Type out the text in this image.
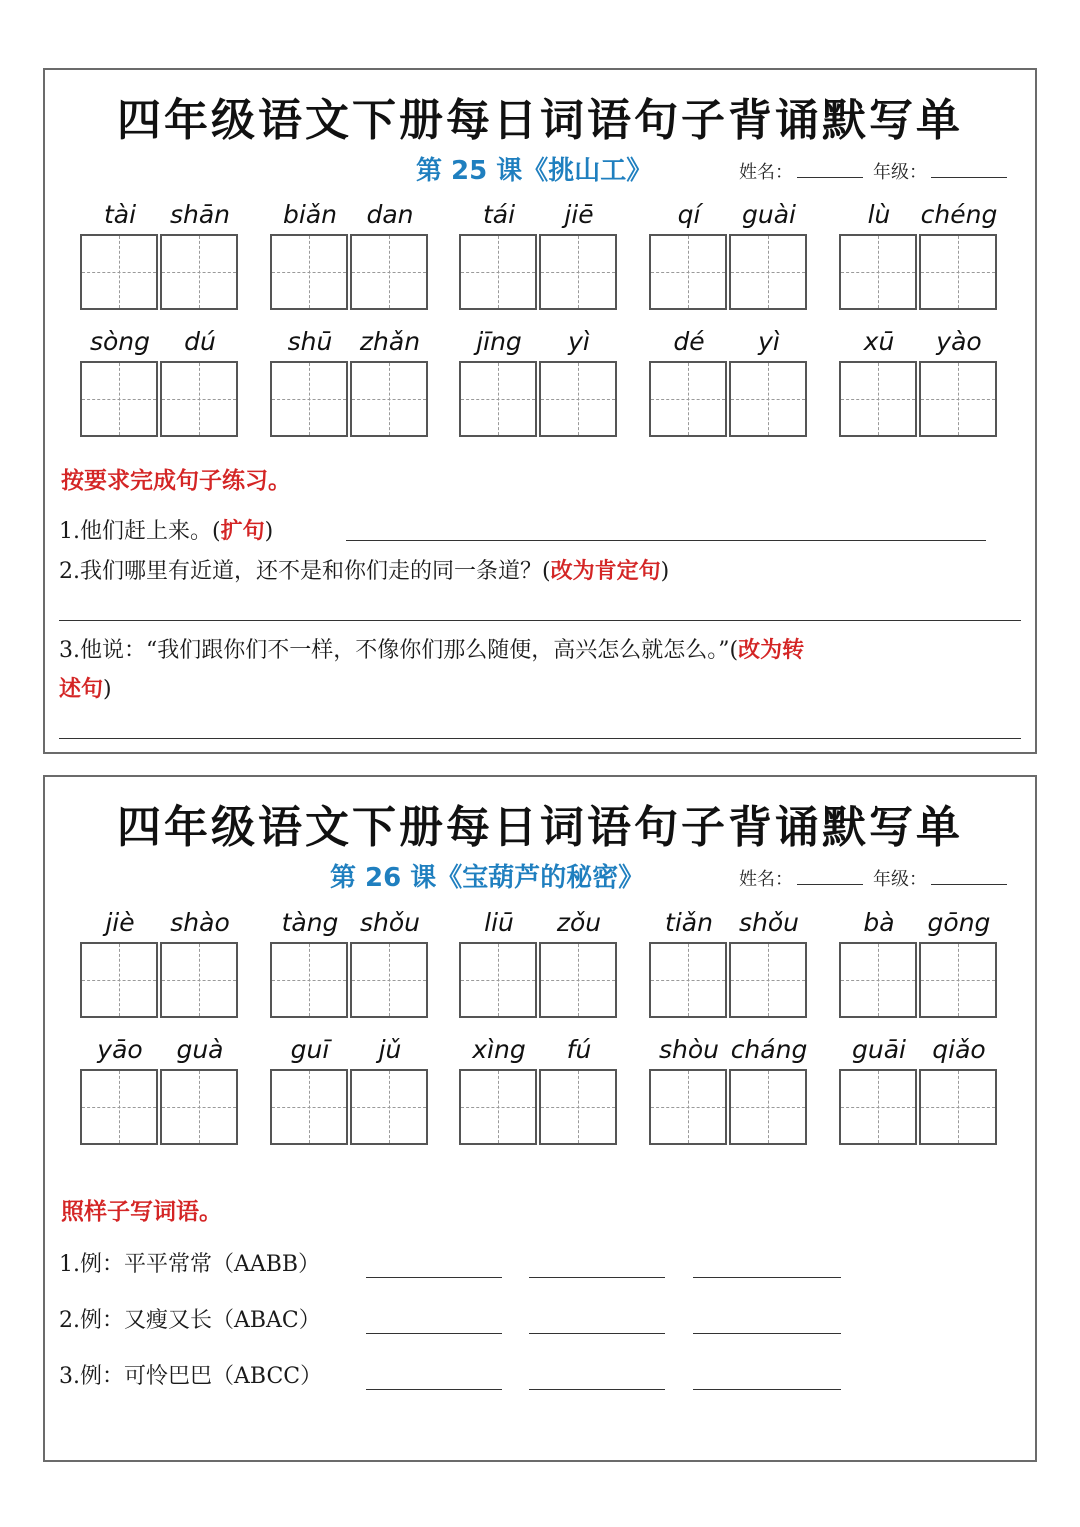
四年级语文下册每日词语句子背诵默写单
第 25 课《挑山工》	姓名：	年级：
tài	shān	biǎn	dan	tái	jiē	qí	guài	lù	chéng
sòng	dú	shū	zhǎn	jīng	yì	dé	yì	xū	yào
按要求完成句子练习。
1.他们赶上来。(扩句)
2.我们哪里有近道，还不是和你们走的同一条道？(改为肯定句)
3.他说：“我们跟你们不一样，不像你们那么随便，高兴怎么就怎么。”(改为转
述句)
四年级语文下册每日词语句子背诵默写单
第 26 课《宝葫芦的秘密》	姓名：	年级：
jiè	shào	tàng shǒu	liū	zǒu	tiǎn	shǒu	bà	gōng
yāo	guà	guī	jǔ	xìng	fú	shòu cháng	guāi	qiǎo
照样子写词语。
1.例：平平常常（AABB）
2.例：又瘦又长（ABAC）
3.例：可怜巴巴（ABCC）
